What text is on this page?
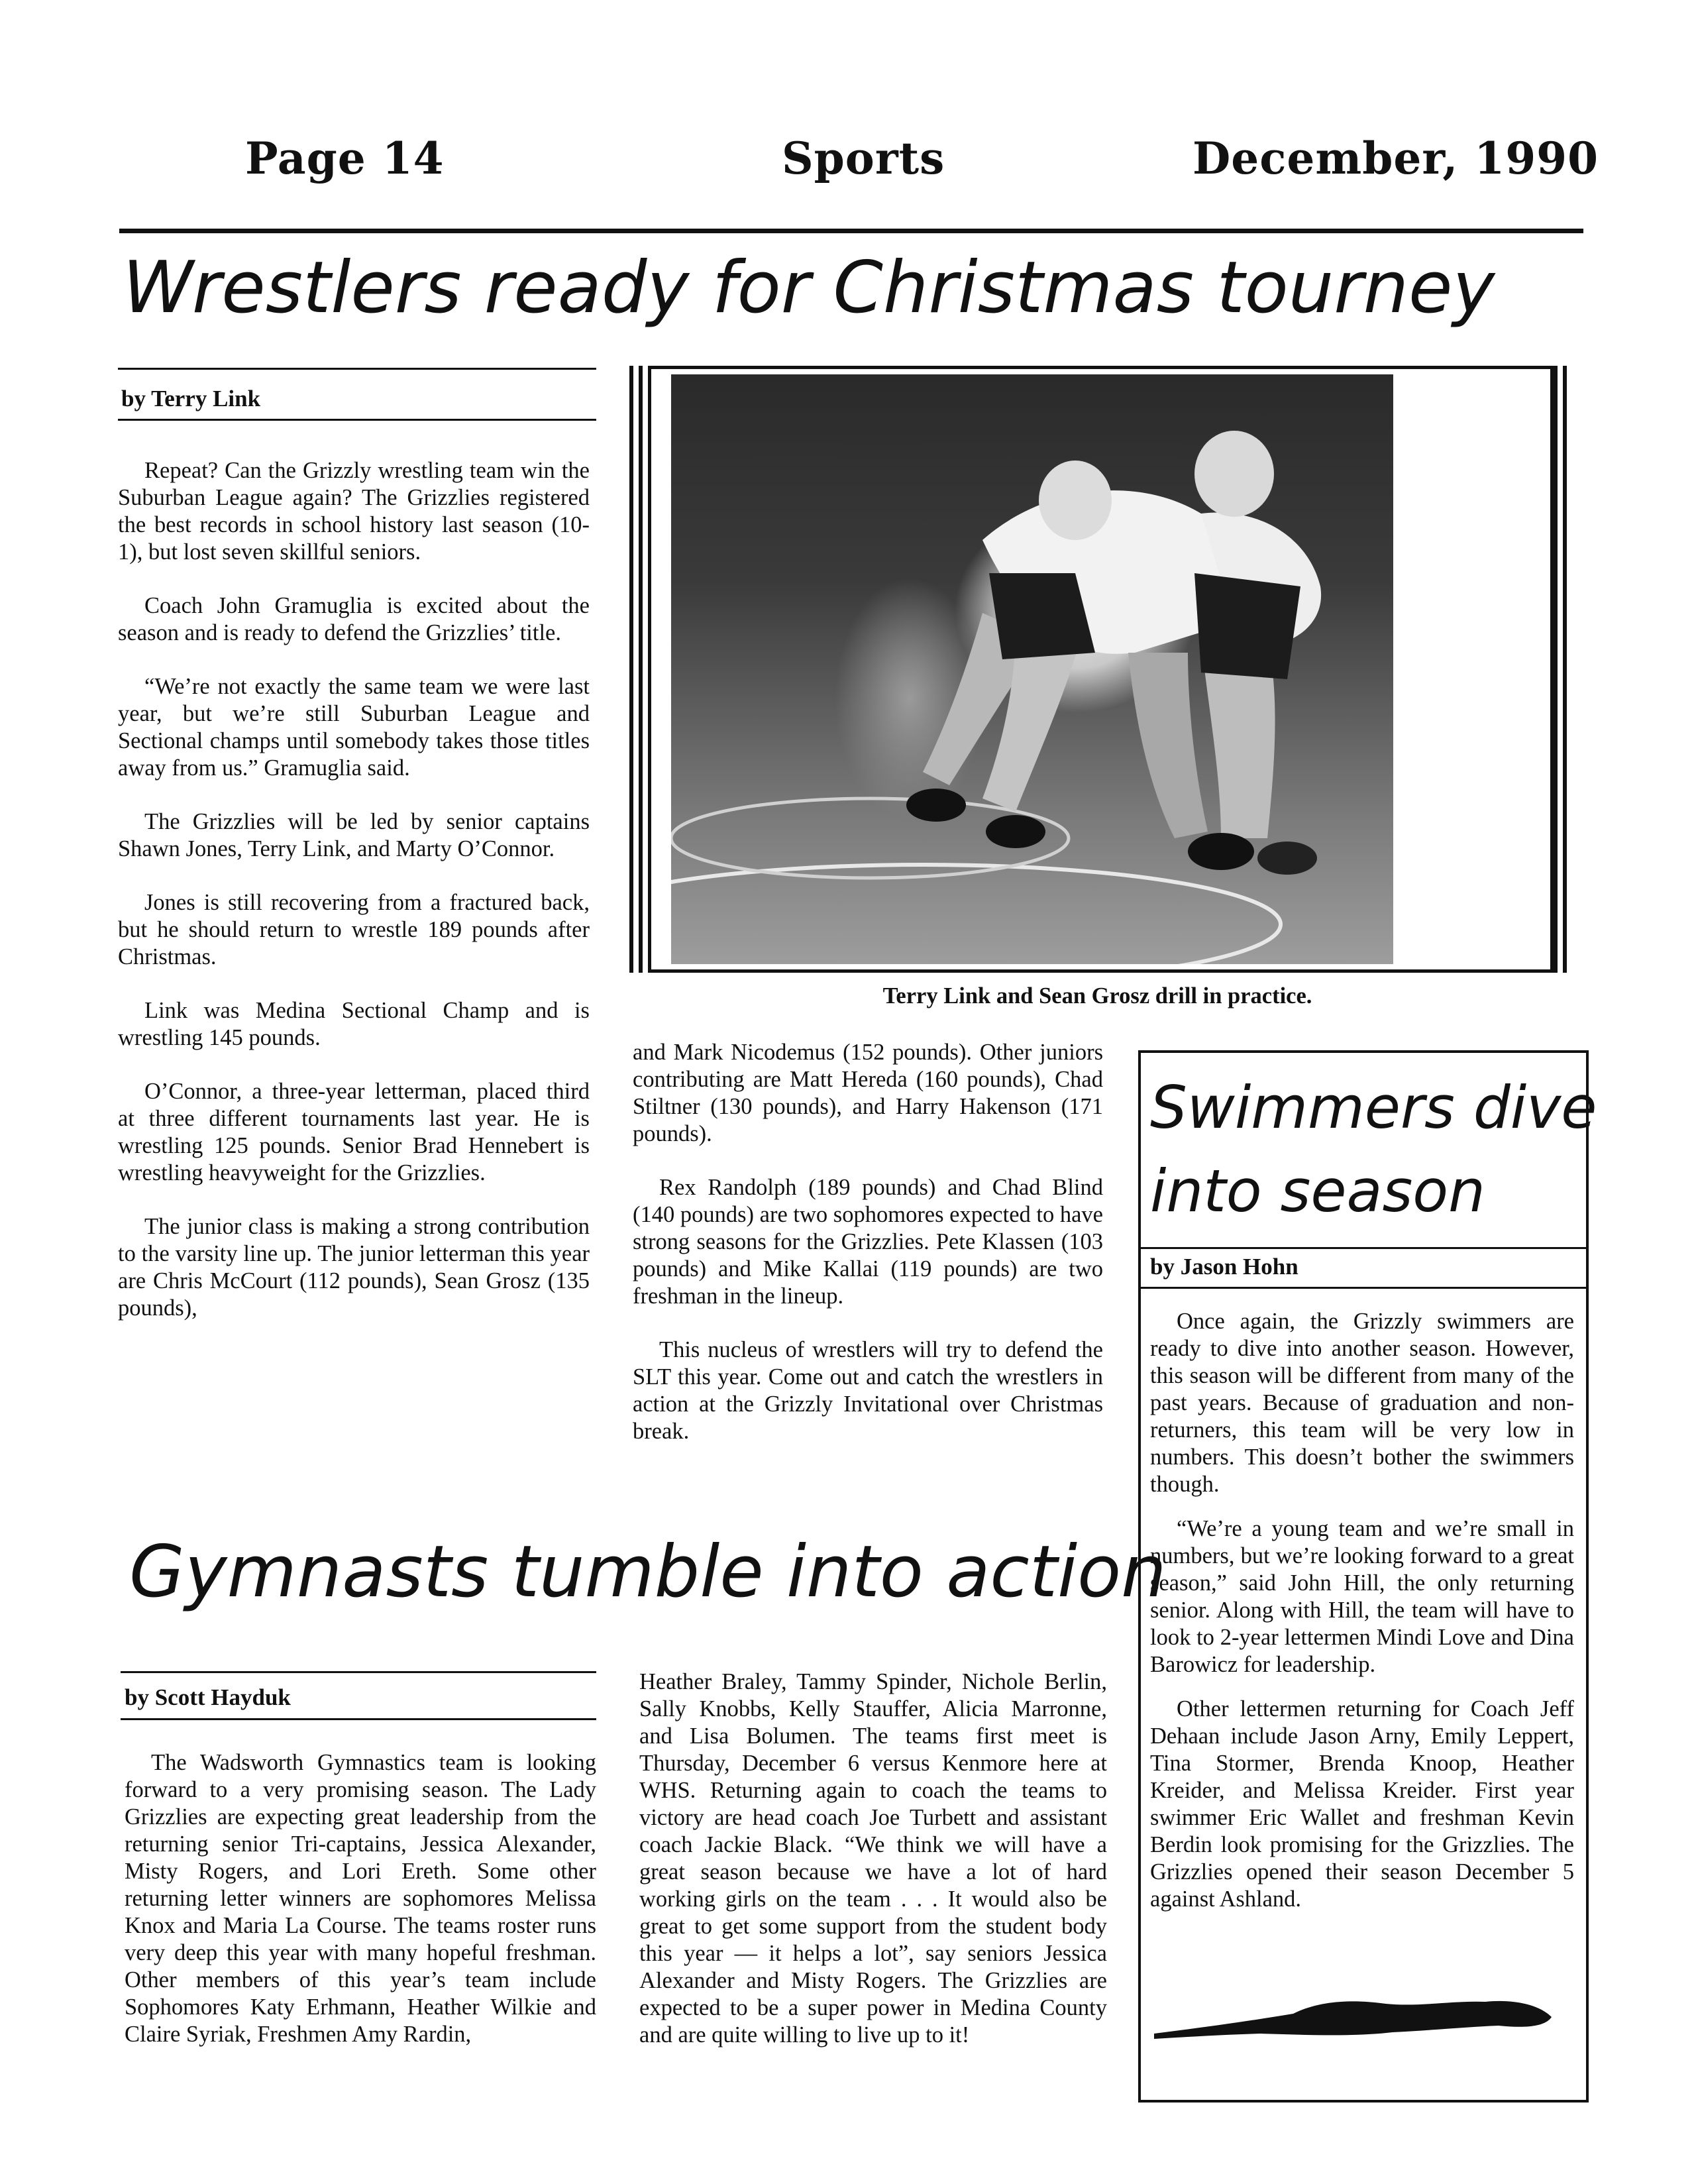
Page 14	Sports	December, 1990
Wrestlers ready for Christmas tourney
by Terry Link

Repeat? Can the Grizzly wrestling team win the Suburban League again? The Grizzlies registered the best records in school history last season (10-1), but lost seven skillful seniors.

Coach John Gramuglia is excited about the season and is ready to defend the Grizzlies’ title.

“We’re not exactly the same team we were last year, but we’re still Suburban League and Sectional champs until somebody takes those titles away from us.” Gramuglia said.

The Grizzlies will be led by senior captains Shawn Jones, Terry Link, and Marty O’Connor.

Jones is still recovering from a fractured back, but he should return to wrestle 189 pounds after Christmas.

Link was Medina Sectional Champ and is wrestling 145 pounds.

O’Connor, a three-year letterman, placed third at three different tournaments last year. He is wrestling 125 pounds. Senior Brad Hennebert is wrestling heavyweight for the Grizzlies.

The junior class is making a strong contribution to the varsity line up. The junior letterman this year are Chris McCourt (112 pounds), Sean Grosz (135 pounds),

Terry Link and Sean Grosz drill in practice.

and Mark Nicodemus (152 pounds). Other juniors contributing are Matt Hereda (160 pounds), Chad Stiltner (130 pounds), and Harry Hakenson (171 pounds).

Rex Randolph (189 pounds) and Chad Blind (140 pounds) are two sophomores expected to have strong seasons for the Grizzlies. Pete Klassen (103 pounds) and Mike Kallai (119 pounds) are two freshman in the lineup.

This nucleus of wrestlers will try to defend the SLT this year. Come out and catch the wrestlers in action at the Grizzly Invitational over Christmas break.

Swimmers dive
into season
by Jason Hohn

Once again, the Grizzly swimmers are ready to dive into another season. However, this season will be different from many of the past years. Because of graduation and non-returners, this team will be very low in numbers. This doesn’t bother the swimmers though.

“We’re a young team and we’re small in numbers, but we’re looking forward to a great season,” said John Hill, the only returning senior. Along with Hill, the team will have to look to 2-year lettermen Mindi Love and Dina Barowicz for leadership.

Other lettermen returning for Coach Jeff Dehaan include Jason Arny, Emily Leppert, Tina Stormer, Brenda Knoop, Heather Kreider, and Melissa Kreider. First year swimmer Eric Wallet and freshman Kevin Berdin look promising for the Grizzlies. The Grizzlies opened their season December 5 against Ashland.

Gymnasts tumble into action
by Scott Hayduk

The Wadsworth Gymnastics team is looking forward to a very promising season. The Lady Grizzlies are expecting great leadership from the returning senior Tri-captains, Jessica Alexander, Misty Rogers, and Lori Ereth. Some other returning letter winners are sophomores Melissa Knox and Maria La Course. The teams roster runs very deep this year with many hopeful freshman. Other members of this year’s team include Sophomores Katy Erhmann, Heather Wilkie and Claire Syriak, Freshmen Amy Rardin,

Heather Braley, Tammy Spinder, Nichole Berlin, Sally Knobbs, Kelly Stauffer, Alicia Marronne, and Lisa Bolumen. The teams first meet is Thursday, December 6 versus Kenmore here at WHS. Returning again to coach the teams to victory are head coach Joe Turbett and assistant coach Jackie Black. “We think we will have a great season because we have a lot of hard working girls on the team . . . It would also be great to get some support from the student body this year — it helps a lot”, say seniors Jessica Alexander and Misty Rogers. The Grizzlies are expected to be a super power in Medina County and are quite willing to live up to it!
